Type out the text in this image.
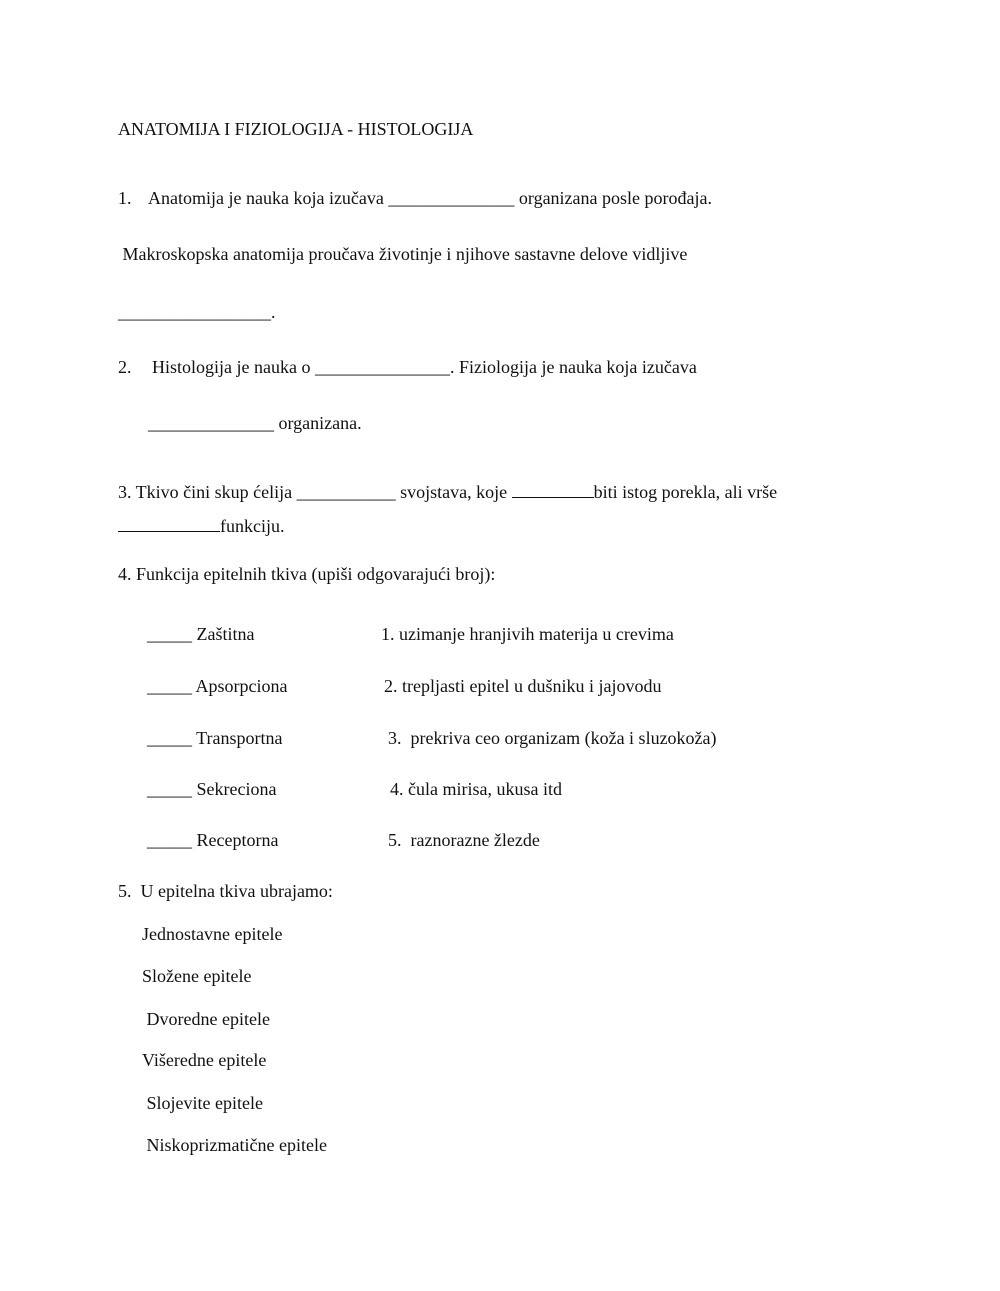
ANATOMIJA I FIZIOLOGIJA - HISTOLOGIJA
1. Anatomija je nauka koja izučava ______________ organizana posle porođaja.
Makroskopska anatomija proučava životinje i njihove sastavne delove vidljive
_________________.
2. Histologija je nauka o _______________. Fiziologija je nauka koja izučava
______________ organizana.
3. Tkivo čini skup ćelija ___________ svojstava, koje	biti istog porekla, ali vrše
funkciju.
4. Funkcija epitelnih tkiva (upiši odgovarajući broj):
_____ Zaštitna	1. uzimanje hranjivih materija u crevima
_____ Apsorpciona	2. trepljasti epitel u dušniku i jajovodu
_____ Transportna	3.  prekriva ceo organizam (koža i sluzokoža)
_____ Sekreciona	4. čula mirisa, ukusa itd
_____ Receptorna	5.  raznorazne žlezde
5.  U epitelna tkiva ubrajamo:
Jednostavne epitele
Složene epitele
Dvoredne epitele
Višeredne epitele
Slojevite epitele
Niskoprizmatične epitele
